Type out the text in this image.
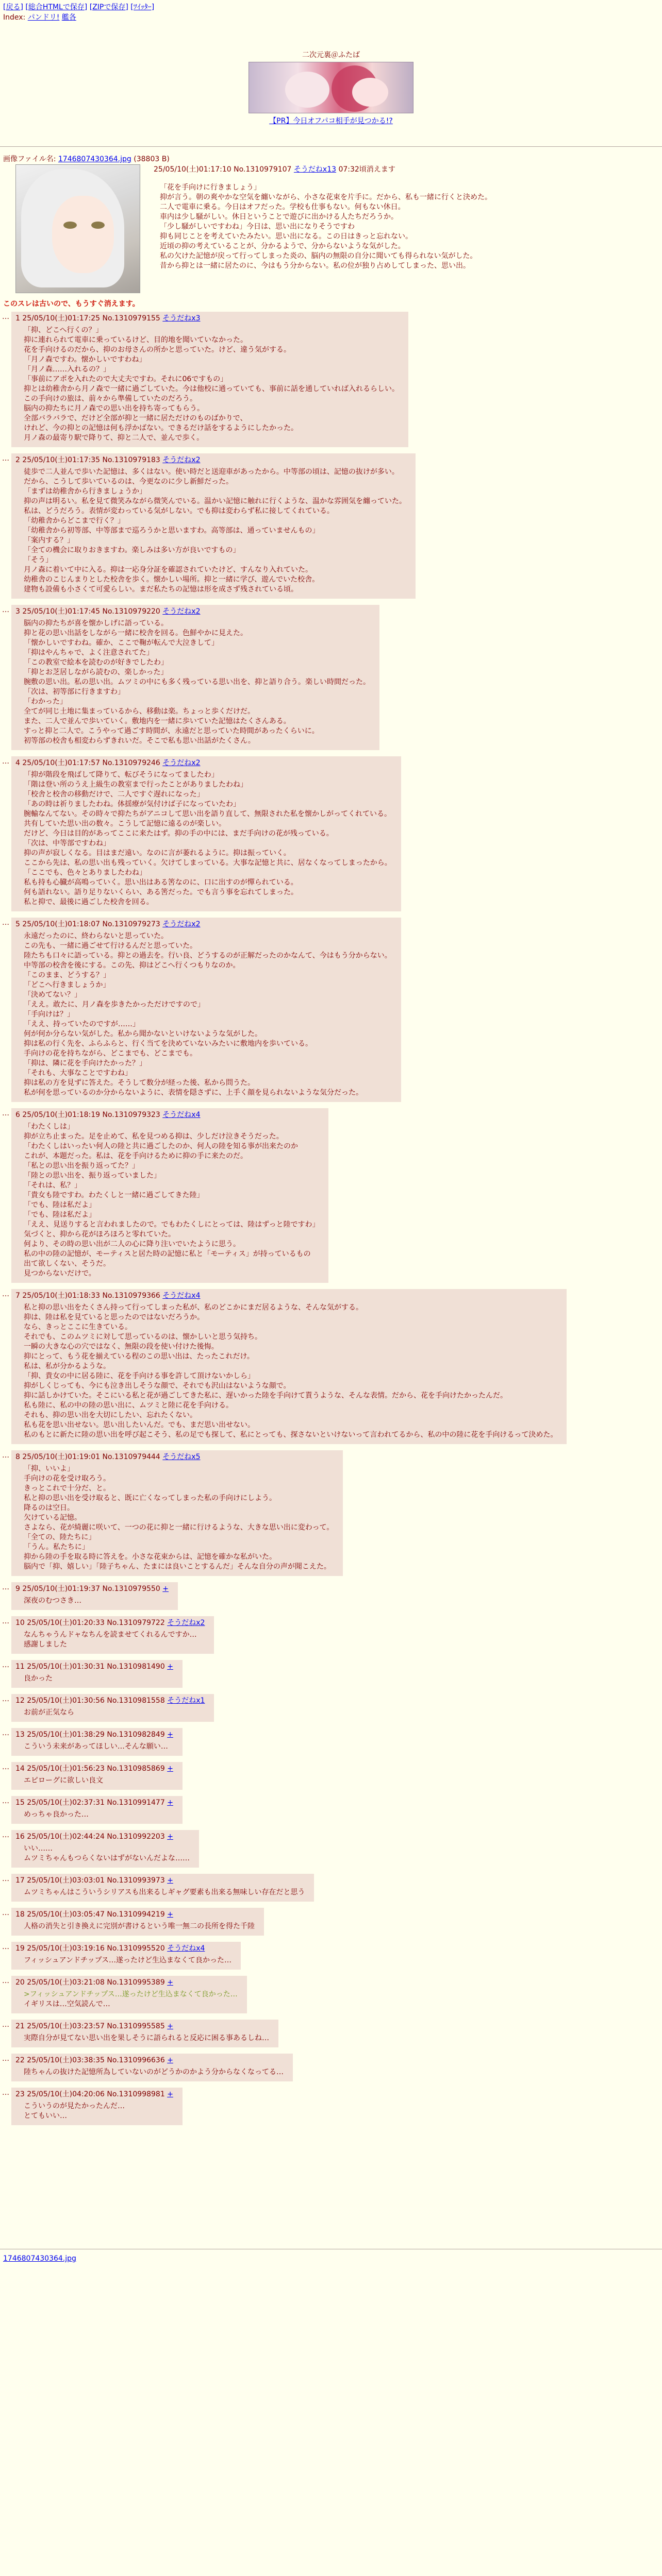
[戻る] [総合HTMLで保存] [ZIPで保存] [ﾂｲｯﾀｰ]
Index: パンドリ! 艦各
二次元裏＠ふたば
【PR】今日オフパコ相手が見つかる!?
画像ファイル名: 1746807430364.jpg (38803 B)
25/05/10(土)01:17:10 No.1310979107 そうだねx13 07:32頃消えます
「花を手向けに行きましょう」
抑が言う。朝の爽やかな空気を纏いながら、小さな花束を片手に。だから、私も一緒に行くと決めた。
二人で電車に乗る。今日はオフだった。学校も仕事もない。何もない休日。
車内は少し騒がしい。休日ということで遊びに出かける人たちだろうか。
「少し騒がしいですわね」今日は、思い出になりそうですわ
抑も同じことを考えていたみたい。思い出になる。この日はきっと忘れない。
近頃の抑の考えていることが、分かるようで、分からないような気がした。
私の欠けた記憶が戻って行ってしまった炎の、脳内の無限の自分に聞いても得られない気がした。
昔から抑とは一緒に居たのに、今はもう分からない。私の位が独り占めしてしまった、思い出。
このスレは古いので、もうすぐ消えます。
… 1 25/05/10(土)01:17:25 No.1310979155 そうだねx3
「抑、どこへ行くの？」
抑に連れられて電車に乗っているけど、目的地を聞いていなかった。
花を手向けるのだから、抑のお母さんの所かと思っていた。けど、違う気がする。
「月ノ森ですわ。懐かしいですわね」
「月ノ森……入れるの？」
「事前にアポを入れたので大丈夫ですわ。それに06ですもの」
抑とは幼稚舎から月ノ森で一緒に過ごしていた。今は他校に通っていても、事前に話を通していれば入れるらしい。
この手向けの旅は、前々から準備していたのだろう。
脳内の抑たちに月ノ森での思い出を持ち寄ってもらう。
全部バラバラで、だけど全部が抑と一緒に居ただけのものばかりで、
けれど、今の抑との記憶は何も浮かばない。できるだけ話をするようにしたかった。
月ノ森の最寄り駅で降りて、抑と二人で、並んで歩く。
… 2 25/05/10(土)01:17:35 No.1310979183 そうだねx2
徒歩で二人並んで歩いた記憶は、多くはない。使い時だと送迎車があったから。中等部の頃は、記憶の抜けが多い。
だから、こうして歩いているのは、今更なのに少し新鮮だった。
「まずは幼稚舎から行きましょうか」
抑の声は明るい。私を見て微笑みながら微笑んでいる。温かい記憶に触れに行くような、温かな雰囲気を纏っていた。
私は、どうだろう。表情が変わっている気がしない。でも抑は変わらず私に接してくれている。
「幼稚舎からどこまで行く？」
「幼稚舎から初等部、中等部まで巡ろうかと思いますわ。高等部は、通っていませんもの」
「案内する？」
「全ての機会に取りおきますわ。楽しみは多い方が良いですもの」
「そう」
月ノ森に着いて中に入る。抑は一応身分証を確認されていたけど、すんなり入れていた。
幼稚舎のこじんまりとした校舎を歩く。懐かしい場所。抑と一緒に学び、遊んでいた校舎。
建物も設備も小さくて可愛らしい。まだ私たちの記憶は形を成さず残されている頃。
… 3 25/05/10(土)01:17:45 No.1310979220 そうだねx2
脳内の抑たちが喜を懐かしげに語っている。
抑と花の思い出話をしながら一緒に校舎を回る。色鮮やかに見えた。
「懐かしいですわね。確か、ここで鞠が転んで大泣きして」
「抑はやんちゃで、よく注意されてた」
「この教室で絵本を読むのが好きでしたわ」
「抑とお芝居しながら読むの、楽しかった」
腕敷の思い出。私の思い出。ムツミの中にも多く残っている思い出を、抑と語り合う。楽しい時間だった。
「次は、初等部に行きますわ」
「わかった」
全てが同じ土地に集まっているから、移動は楽。ちょっと歩くだけだ。
また、二人で並んで歩いていく。敷地内を一緒に歩いていた記憶はたくさんある。
すっと抑と二人で。こうやって過ごす時間が、永遠だと思っていた時間があったくらいに。
初等部の校舎も相変わらずきれいだ。そこで私も思い出話がたくさん。
… 4 25/05/10(土)01:17:57 No.1310979246 そうだねx2
「抑が階段を飛ばして降りて、転びそうになってましたわ」
「階は登い所のうえ上級生の教室まで行ったことがありましたわね」
「校舎と校舎の移動だけで、二人ですぐ遅れになった」
「あの時は祈りましたわね。体揺療が気付けば子になっていたわ」
腕輸なんてない。その時々で抑たちがアニコして思い出を語り直して、無限された私を懐かしがってくれている。
共有していた思い出の数々。こうして記憶に遠るのが楽しい。
だけど、今日は目的があってここに来たはず。抑の手の中には、まだ手向けの花が残っている。
「次は、中等部ですわね」
抑の声が寂しくなる。目はまだ遠い。なのに言が萎れるように。抑は振っていく。
ここから先は、私の思い出も残っていく。欠けてしまっている。大事な記憶と共に、居なくなってしまったから。
「ここでも、色々とありましたわね」
私も持も心臓が高鳴っていく。思い出はある筈なのに、口に出すのが憚られている。
何も語れない。語り足りないくらい、ある筈だった。でも言う事を忘れてしまった。
私と抑で、最後に過ごした校舎を回る。
… 5 25/05/10(土)01:18:07 No.1310979273 そうだねx2
永遠だったのに、終わらないと思っていた。
この先も、一緒に過ごせて行けるんだと思っていた。
陸たちも口々に語っている。抑との過去を。行い良、どうするのが正解だったのかなんて、今はもう分からない。
中等部の校舎を後にする。この先、抑はどこへ行くつもりなのか。
「このまま、どうする？」
「どこへ行きましょうか」
「決めてない？」
「ええ。敢たに、月ノ森を歩きたかっただけですので」
「手向けは？」
「ええ、持っていたのですが……」
何が何か分らない気がした。私から聞かないといけないような気がした。
抑は私の行く先を、ふらふらと、行く当てを決めていないみたいに敷地内を歩いている。
手向けの花を持ちながら、どこまでも、どこまでも。
「抑は、隣に花を手向けたかった？」
「それも、大事なことですわね」
抑は私の方を見ずに答えた。そうして数分が経った後、私から問うた。
私が何を思っているのか分からないように、表情を隠さずに、上手く顔を見られないような気分だった。
… 6 25/05/10(土)01:18:19 No.1310979323 そうだねx4
「わたくしは」
抑が立ち止まった。足を止めて、私を見つめる抑は、少しだけ泣きそうだった。
「わたくしはいったい何人の陸と共に過ごしたのか、何人の陸を知る事が出来たのか
これが、本題だった。私は、花を手向けるために抑の手に来たのだ。
「私との思い出を振り返ってた？」
「陸との思い出を、振り返っていました」
「それは、私？」
「貴女も陸ですわ。わたくしと一緒に過ごしてきた陸」
「でも、陸は私だよ」
「でも、陸は私だよ」
「ええ、見送りすると言われましたので。でもわたくしにとっては、陸はずっと陸ですわ」
気づくと、抑から花がほろほろと零れていた。
何より、その時の思い出が二人の心に降り注いでいたように思う。
私の中の陸の記憶が、モーティスと居た時の記憶に私と「モーティス」が持っているもの
出て欲しくない、そうだ。
見つからないだけで。
… 7 25/05/10(土)01:18:33 No.1310979366 そうだねx4
私と抑の思い出をたくさん持って行ってしまった私が、私のどこかにまだ居るような、そんな気がする。
抑は、陸は私を見ていると思ったのではないだろうか。
なら、きっとここに生きている。
それでも、このムツミに対して思っているのは、懐かしいと思う気持ち。
一瞬の大きな心の穴ではなく、無限の段を使い付けた後悔。
抑にとって、もう花を揃えている程のこの思い出は、たったこれだけ。
私は、私が分かるような。
「抑、貴女の中に居る陸に、花を手向ける事を許して頂けないかしら」
抑がしくじっても、今にも泣き出しそうな顔で、それでも沢山はないような顔で。
抑に話しかけていた。そこにいる私と花が過ごしてきた私に、遅いかった陸を手向けて貰うような、そんな表情。だから、花を手向けたかったんだ。
私も陸に、私の中の陸の思い出に、ムツミと陸に花を手向ける。
それも、抑の思い出を大切にしたい、忘れたくない。
私も花を思い出せない。思い出したいんだ。でも、まだ思い出せない。
私のもとに新たに陸の思い出を呼び起こそう、私の足でも探して、私にとっても、探さないといけないって言われてるから、私の中の陸に花を手向けるって決めた。
… 8 25/05/10(土)01:19:01 No.1310979444 そうだねx5
「抑、いいよ」
手向けの花を受け取ろう。
きっとこれで十分だ、と。
私と抑の思い出を受け取ると、既に亡くなってしまった私の手向けにしよう。
降るのは空日。
欠けている記憶。
さよなら、花が綺麗に咲いて、一つの花に抑と一緒に行けるような、大きな思い出に変わって。
「全ての、陸たちに」
「うん。私たちに」
抑から陸の手を取る時に答えを。小さな花束からは、記憶を確かな私がいた。
脳内で「抑、嬉しい」「陸子ちゃん、たまには良いことするんだ」そんな自分の声が聞こえた。
… 9 25/05/10(土)01:19:37 No.1310979550 +
深夜のむつさき…
… 10 25/05/10(土)01:20:33 No.1310979722 そうだねx2
なんちゃうんドャなちんを読ませてくれるんですか…
感謝しました
… 11 25/05/10(土)01:30:31 No.1310981490 +
良かった
… 12 25/05/10(土)01:30:56 No.1310981558 そうだねx1
お前が正気なら
… 13 25/05/10(土)01:38:29 No.1310982849 +
こういう未来があってほしい…そんな願い…
… 14 25/05/10(土)01:56:23 No.1310985869 +
エピローグに欲しい良文
… 15 25/05/10(土)02:37:31 No.1310991477 +
めっちゃ良かった…
… 16 25/05/10(土)02:44:24 No.1310992203 +
いい……
ムツミちゃんもつらくないはずがないんだよな……
… 17 25/05/10(土)03:03:01 No.1310993973 +
ムツミちゃんはこういうシリアスも出来るしギャグ要素も出来る無味しい存在だと思う
… 18 25/05/10(土)03:05:47 No.1310994219 +
人格の消失と引き換えに完別が書けるという唯一無二の長所を得た千陸
… 19 25/05/10(土)03:19:16 No.1310995520 そうだねx4
フィッシュアンドチップス…遂ったけど生込まなくて良かった…
… 20 25/05/10(土)03:21:08 No.1310995389 +
>フィッシュアンドチップス…遂ったけど生込まなくて良かった…
イギリスは…空気読んで…
… 21 25/05/10(土)03:23:57 No.1310995585 +
実際自分が見てない思い出を果しそうに語られると反応に困る事あるしね…
… 22 25/05/10(土)03:38:35 No.1310996636 +
陸ちゃんの抜けた記憶所為していないのがどうかのかよう分からなくなってる…
… 23 25/05/10(土)04:20:06 No.1310998981 +
こういうのが見たかったんだ…
とてもいい…
1746807430364.jpg
